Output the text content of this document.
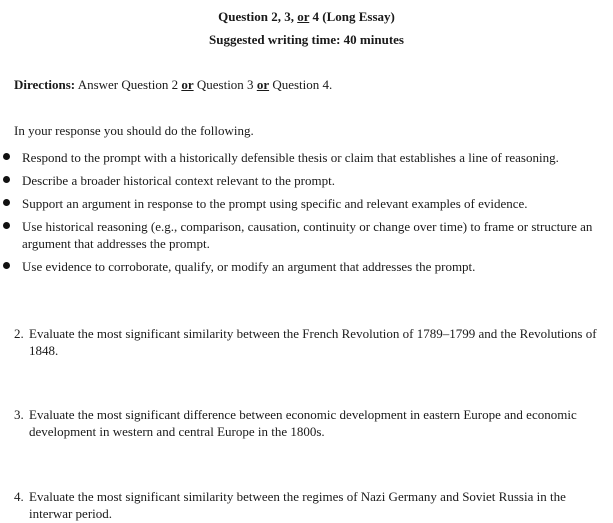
Question 2, 3, or 4 (Long Essay)
Suggested writing time: 40 minutes
Directions: Answer Question 2 or Question 3 or Question 4.
In your response you should do the following.
Respond to the prompt with a historically defensible thesis or claim that establishes a line of reasoning.
Describe a broader historical context relevant to the prompt.
Support an argument in response to the prompt using specific and relevant examples of evidence.
Use historical reasoning (e.g., comparison, causation, continuity or change over time) to frame or structure an argument that addresses the prompt.
Use evidence to corroborate, qualify, or modify an argument that addresses the prompt.
2. Evaluate the most significant similarity between the French Revolution of 1789–1799 and the Revolutions of 1848.
3. Evaluate the most significant difference between economic development in eastern Europe and economic development in western and central Europe in the 1800s.
4. Evaluate the most significant similarity between the regimes of Nazi Germany and Soviet Russia in the interwar period.
